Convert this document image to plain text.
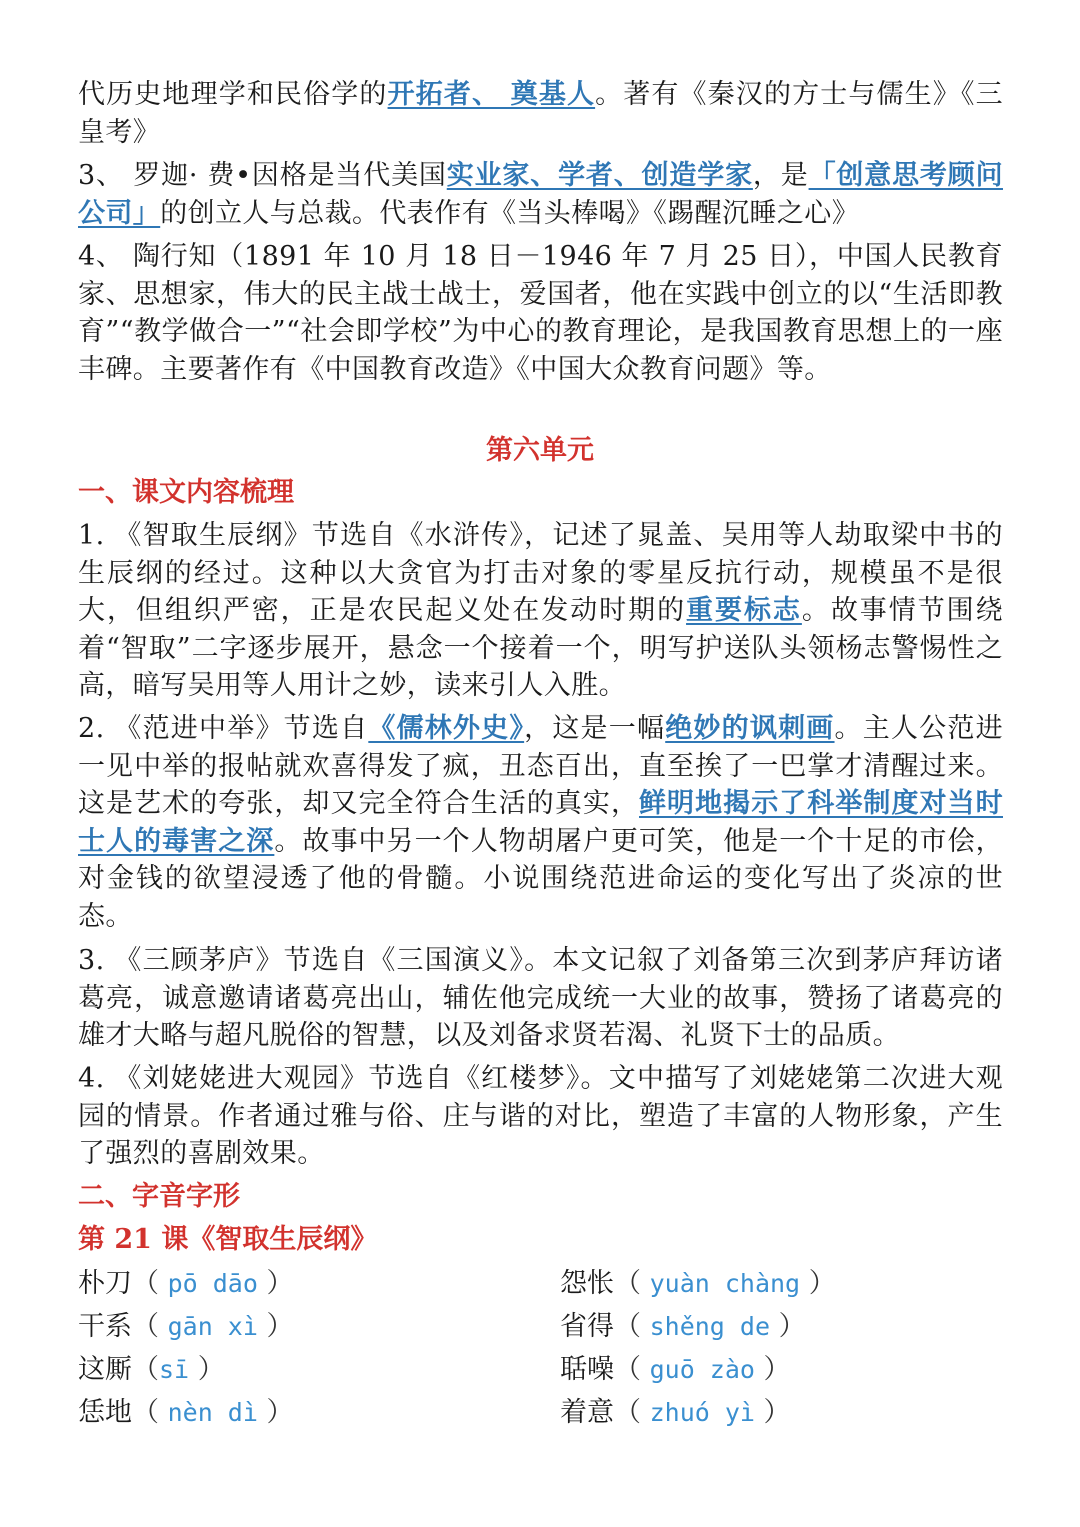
代历史地理学和民俗学的开拓者、 奠基人。著有《秦汉的方士与儒生》《三皇考》

3、 罗迦· 费•因格是当代美国实业家、学者、创造学家，是「创意思考顾问公司」的创立人与总裁。代表作有《当头棒喝》《踢醒沉睡之心》

4、 陶行知（1891 年 10 月 18 日－1946 年 7 月 25 日），中国人民教育家、思想家，伟大的民主战士战士，爱国者，他在实践中创立的以“生活即教育”“教学做合一”“社会即学校”为中心的教育理论，是我国教育思想上的一座丰碑。主要著作有《中国教育改造》《中国大众教育问题》等。

第六单元
一、课文内容梳理

1. 《智取生辰纲》节选自《水浒传》，记述了晁盖、吴用等人劫取梁中书的生辰纲的经过。这种以大贪官为打击对象的零星反抗行动，规模虽不是很大，但组织严密，正是农民起义处在发动时期的重要标志。故事情节围绕着“智取”二字逐步展开，悬念一个接着一个，明写护送队头领杨志警惕性之高，暗写吴用等人用计之妙，读来引人入胜。

2. 《范进中举》节选自《儒林外史》，这是一幅绝妙的讽刺画。主人公范进一见中举的报帖就欢喜得发了疯，丑态百出，直至挨了一巴掌才清醒过来。这是艺术的夸张，却又完全符合生活的真实，鲜明地揭示了科举制度对当时士人的毒害之深。故事中另一个人物胡屠户更可笑，他是一个十足的市侩，对金钱的欲望浸透了他的骨髓。小说围绕范进命运的变化写出了炎凉的世态。

3. 《三顾茅庐》节选自《三国演义》。本文记叙了刘备第三次到茅庐拜访诸葛亮，诚意邀请诸葛亮出山，辅佐他完成统一大业的故事，赞扬了诸葛亮的雄才大略与超凡脱俗的智慧，以及刘备求贤若渴、礼贤下士的品质。

4. 《刘姥姥进大观园》节选自《红楼梦》。文中描写了刘姥姥第二次进大观园的情景。作者通过雅与俗、庄与谐的对比，塑造了丰富的人物形象，产生了强烈的喜剧效果。

二、字音字形
第 21 课《智取生辰纲》
朴刀（ pō dāo ）	怨怅（ yuàn chàng ）
干系（ gān xì ）	省得（ shěng de ）
这厮（sī ）	聒噪（ guō zào ）
恁地（ nèn dì ）	着意（ zhuó yì ）
